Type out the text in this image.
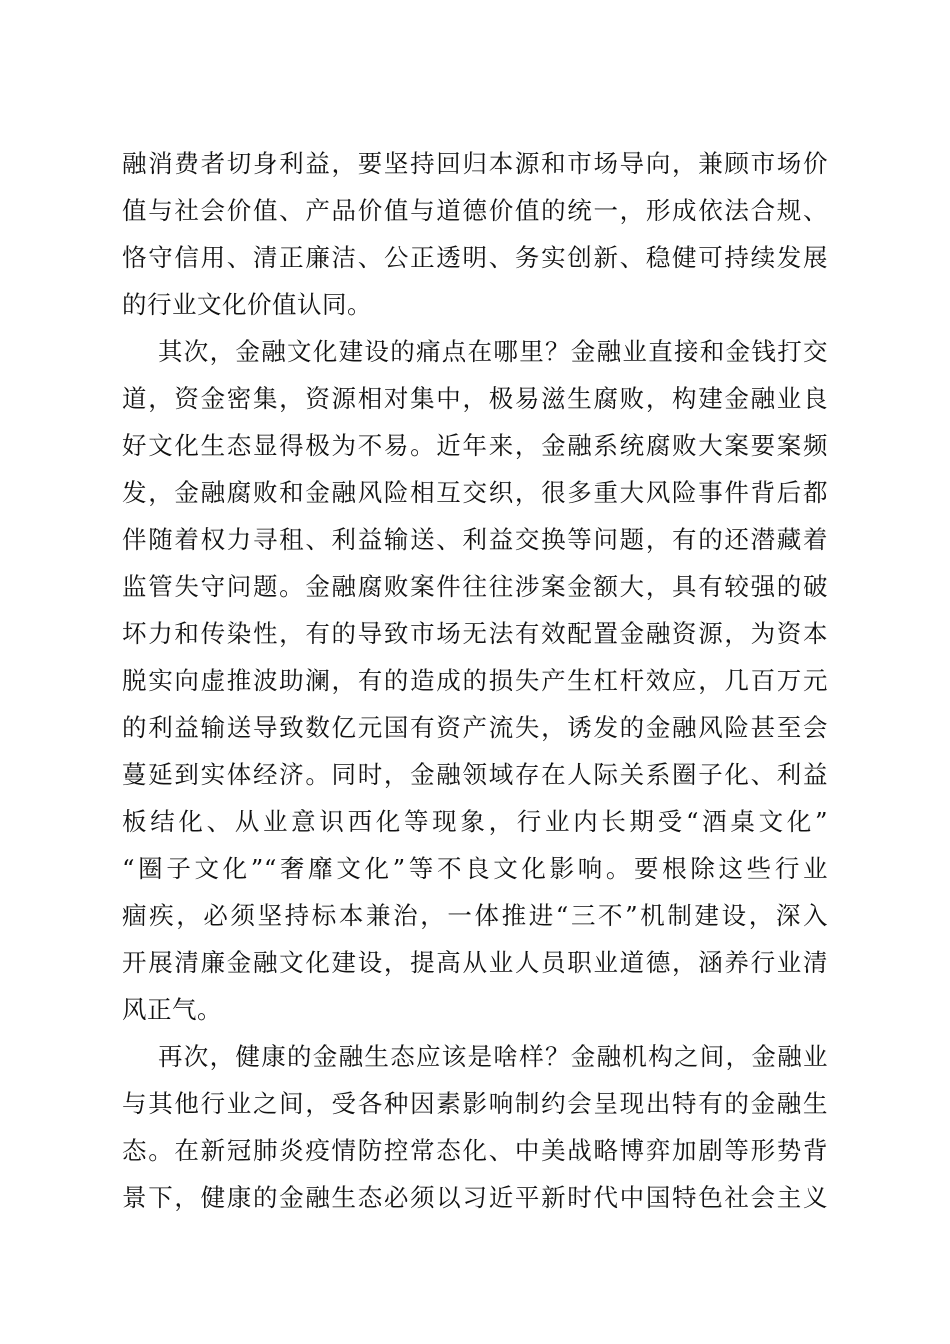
融消费者切身利益，要坚持回归本源和市场导向，兼顾市场价
值与社会价值、产品价值与道德价值的统一，形成依法合规、
恪守信用、清正廉洁、公正透明、务实创新、稳健可持续发展
的行业文化价值认同。
其次，金融文化建设的痛点在哪里？金融业直接和金钱打交
道，资金密集，资源相对集中，极易滋生腐败，构建金融业良
好文化生态显得极为不易。近年来，金融系统腐败大案要案频
发，金融腐败和金融风险相互交织，很多重大风险事件背后都
伴随着权力寻租、利益输送、利益交换等问题，有的还潜藏着
监管失守问题。金融腐败案件往往涉案金额大，具有较强的破
坏力和传染性，有的导致市场无法有效配置金融资源，为资本
脱实向虚推波助澜，有的造成的损失产生杠杆效应，几百万元
的利益输送导致数亿元国有资产流失，诱发的金融风险甚至会
蔓延到实体经济。同时，金融领域存在人际关系圈子化、利益
板结化、从业意识西化等现象，行业内长期受“酒桌文化”
“圈子文化”“奢靡文化”等不良文化影响。要根除这些行业
痼疾，必须坚持标本兼治，一体推进“三不”机制建设，深入
开展清廉金融文化建设，提高从业人员职业道德，涵养行业清
风正气。
再次，健康的金融生态应该是啥样？金融机构之间，金融业
与其他行业之间，受各种因素影响制约会呈现出特有的金融生
态。在新冠肺炎疫情防控常态化、中美战略博弈加剧等形势背
景下，健康的金融生态必须以习近平新时代中国特色社会主义
